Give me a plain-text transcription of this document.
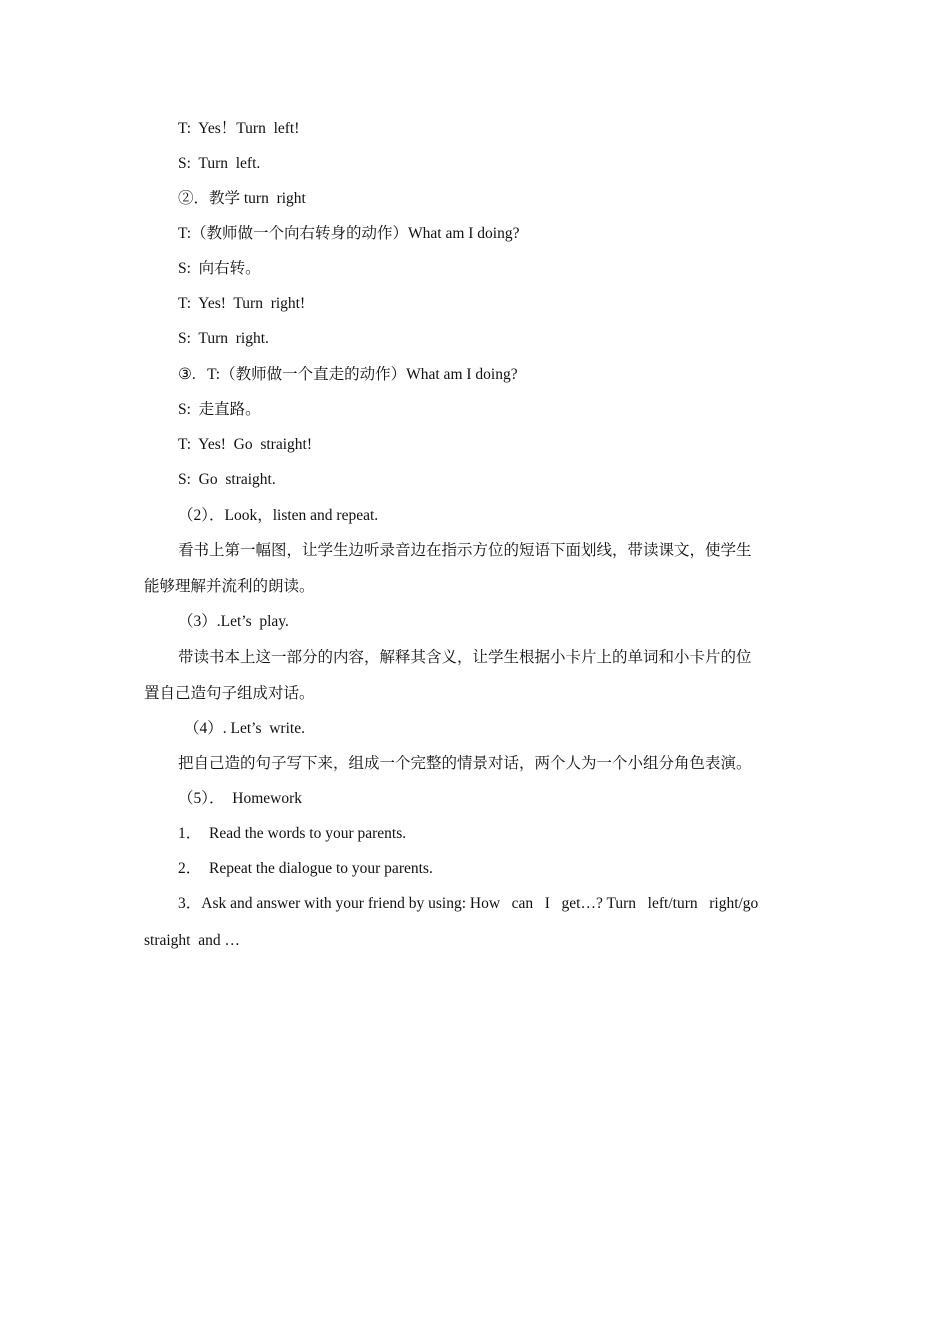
T:  Yes！Turn  left!
S:  Turn  left.
②．教学 turn  right
T:（教师做一个向右转身的动作）What am I doing?
S:  向右转。
T:  Yes!  Turn  right!
S:  Turn  right.
③.   T:（教师做一个直走的动作）What am I doing?
S:  走直路。
T:  Yes!  Go  straight!
S:  Go  straight.
（2）．Look，listen and repeat.
看书上第一幅图，让学生边听录音边在指示方位的短语下面划线，带读课文，使学生
能够理解并流利的朗读。
（3）.Let’s  play.
带读书本上这一部分的内容，解释其含义，让学生根据小卡片上的单词和小卡片的位
置自己造句子组成对话。
（4）. Let’s  write.
把自己造的句子写下来，组成一个完整的情景对话，两个人为一个小组分角色表演。
（5）．  Homework
1．  Read the words to your parents.
2．  Repeat the dialogue to your parents.
3．Ask and answer with your friend by using: How   can   I   get…? Turn   left/turn   right/go
straight  and …
